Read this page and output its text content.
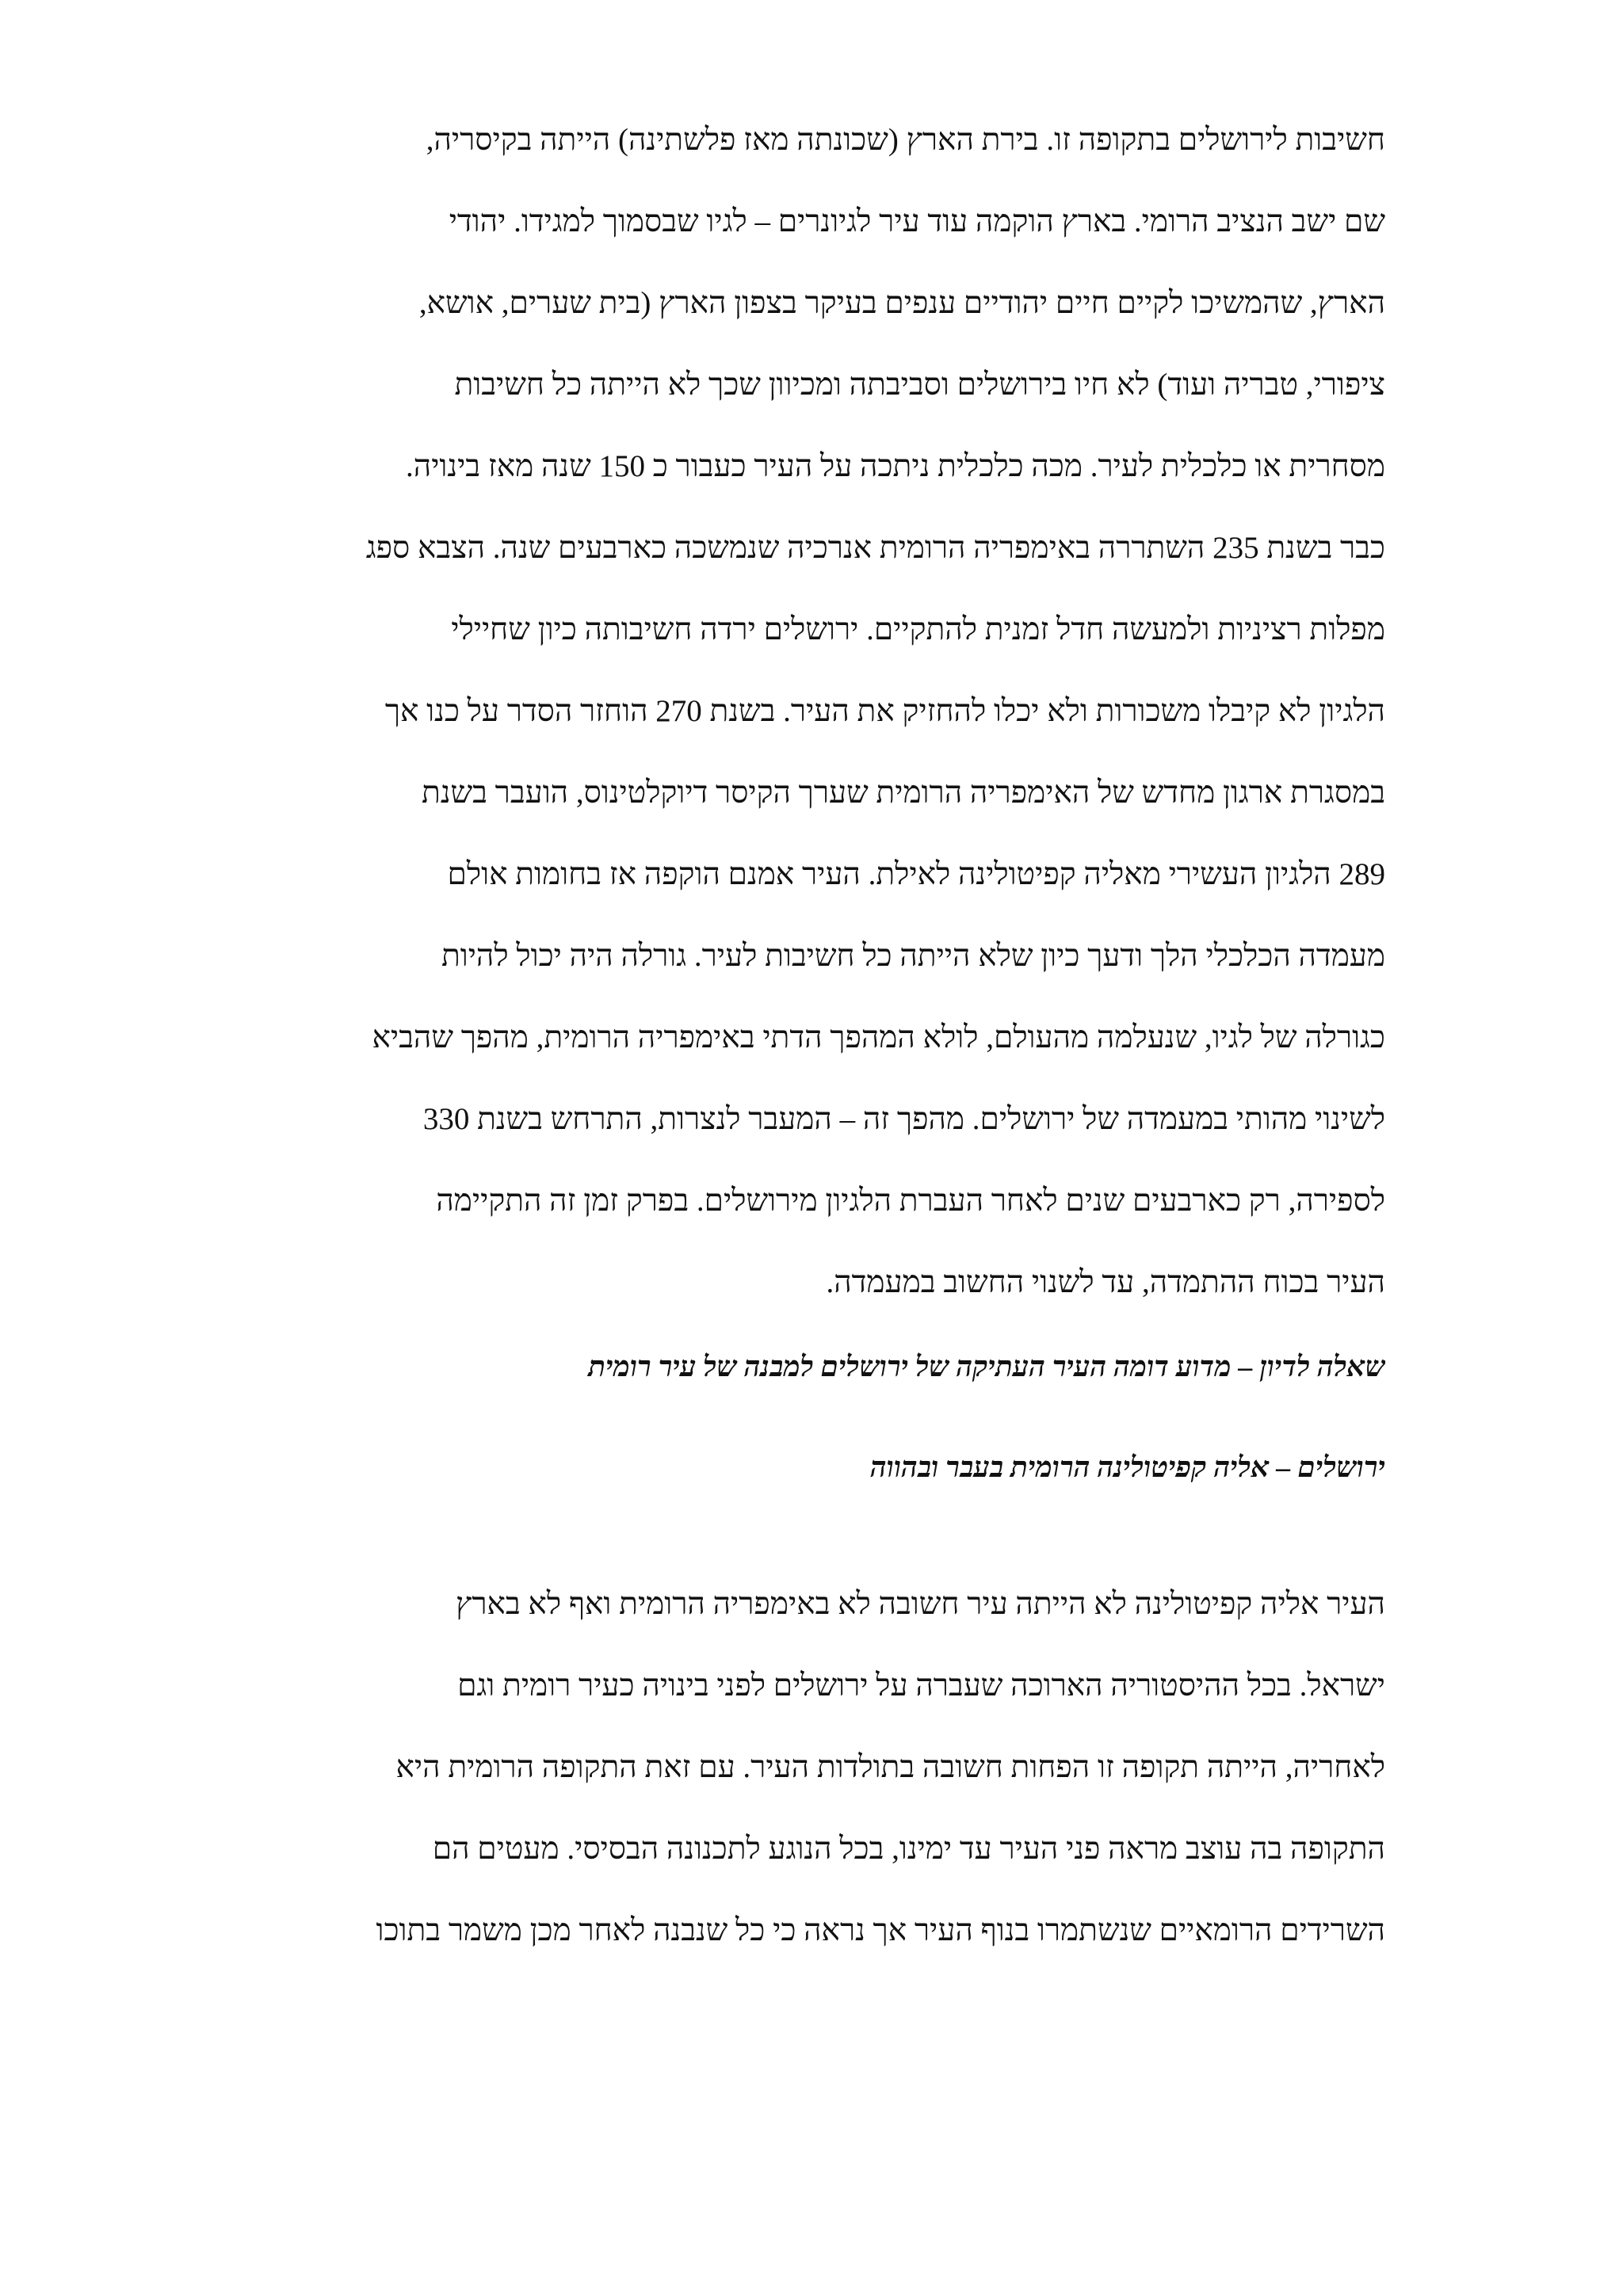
חשיבות לירושלים בתקופה זו. בירת הארץ (שכונתה מאז פלשתינה) הייתה בקיסריה,

שם ישב הנציב הרומי. בארץ הוקמה עוד עיר לגיונרים – לגיו שבסמוך למגידו. יהודי

הארץ, שהמשיכו לקיים חיים יהודיים ענפים בעיקר בצפון הארץ (בית שערים, אושא,

ציפורי, טבריה ועוד) לא חיו בירושלים וסביבתה ומכיוון שכך לא הייתה כל חשיבות

מסחרית או כלכלית לעיר. מכה כלכלית ניתכה על העיר כעבור כ 150 שנה מאז בינויה.

כבר בשנת 235 השתררה באימפריה הרומית אנרכיה שנמשכה כארבעים שנה. הצבא ספג

מפלות רציניות ולמעשה חדל זמנית להתקיים. ירושלים ירדה חשיבותה כיון שחיילי

הלגיון לא קיבלו משכורות ולא יכלו להחזיק את העיר. בשנת 270 הוחזר הסדר על כנו אך

במסגרת ארגון מחדש של האימפריה הרומית שערך הקיסר דיוקלטינוס, הועבר בשנת

289 הלגיון העשירי מאליה קפיטולינה לאילת. העיר אמנם הוקפה אז בחומות אולם

מעמדה הכלכלי הלך ודעך כיון שלא הייתה כל חשיבות לעיר. גורלה היה יכול להיות

כגורלה של לגיו, שנעלמה מהעולם, לולא המהפך הדתי באימפריה הרומית, מהפך שהביא

לשינוי מהותי במעמדה של ירושלים. מהפך זה – המעבר לנצרות, התרחש בשנת 330

לספירה, רק כארבעים שנים לאחר העברת הלגיון מירושלים. בפרק זמן זה התקיימה

העיר בכוח ההתמדה, עד לשנוי החשוב במעמדה.

שאלה לדיון – מדוע דומה העיר העתיקה של ירושלים למבנה של עיר רומית

ירושלים – אליה קפיטולינה הרומית בעבר ובהווה

העיר אליה קפיטולינה לא הייתה עיר חשובה לא באימפריה הרומית ואף לא בארץ

ישראל. בכל ההיסטוריה הארוכה שעברה על ירושלים לפני בינויה כעיר רומית וגם

לאחריה, הייתה תקופה זו הפחות חשובה בתולדות העיר. עם זאת התקופה הרומית היא

התקופה בה עוצב מראה פני העיר עד ימינו, בכל הנוגע לתכנונה הבסיסי. מעטים הם

השרידים הרומאיים שנשתמרו בנוף העיר אך נראה כי כל שנבנה לאחר מכן משמר בתוכו
